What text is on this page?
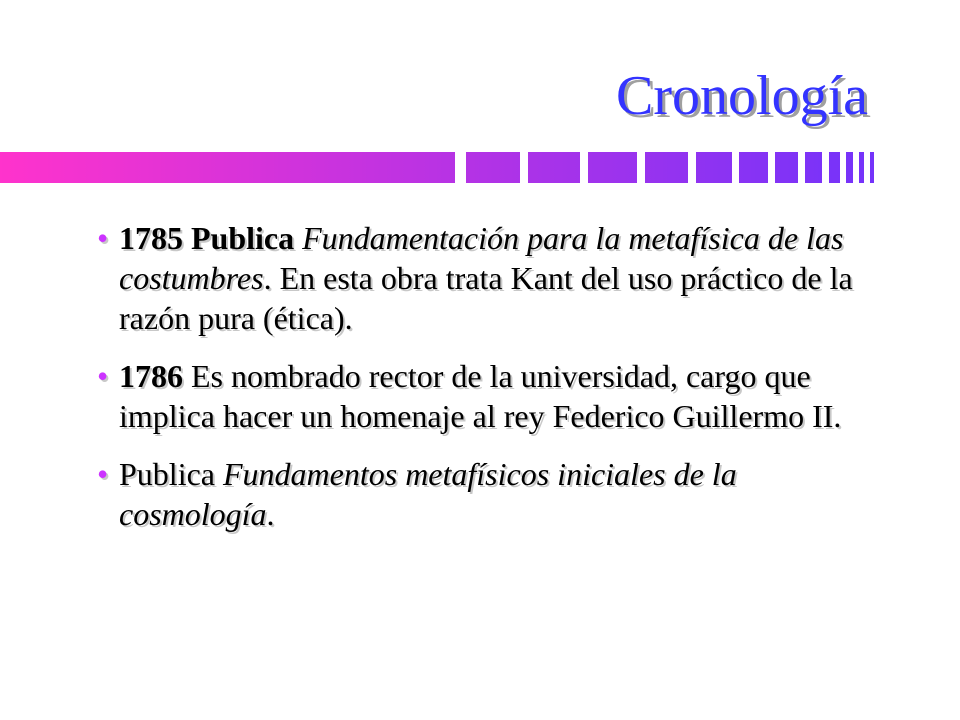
Cronología
• 1785 Publica Fundamentación para la metafísica de las costumbres. En esta obra trata Kant del uso práctico de la razón pura (ética).
• 1786 Es nombrado rector de la universidad, cargo que implica hacer un homenaje al rey Federico Guillermo II.
• Publica Fundamentos metafísicos iniciales de la cosmología.
